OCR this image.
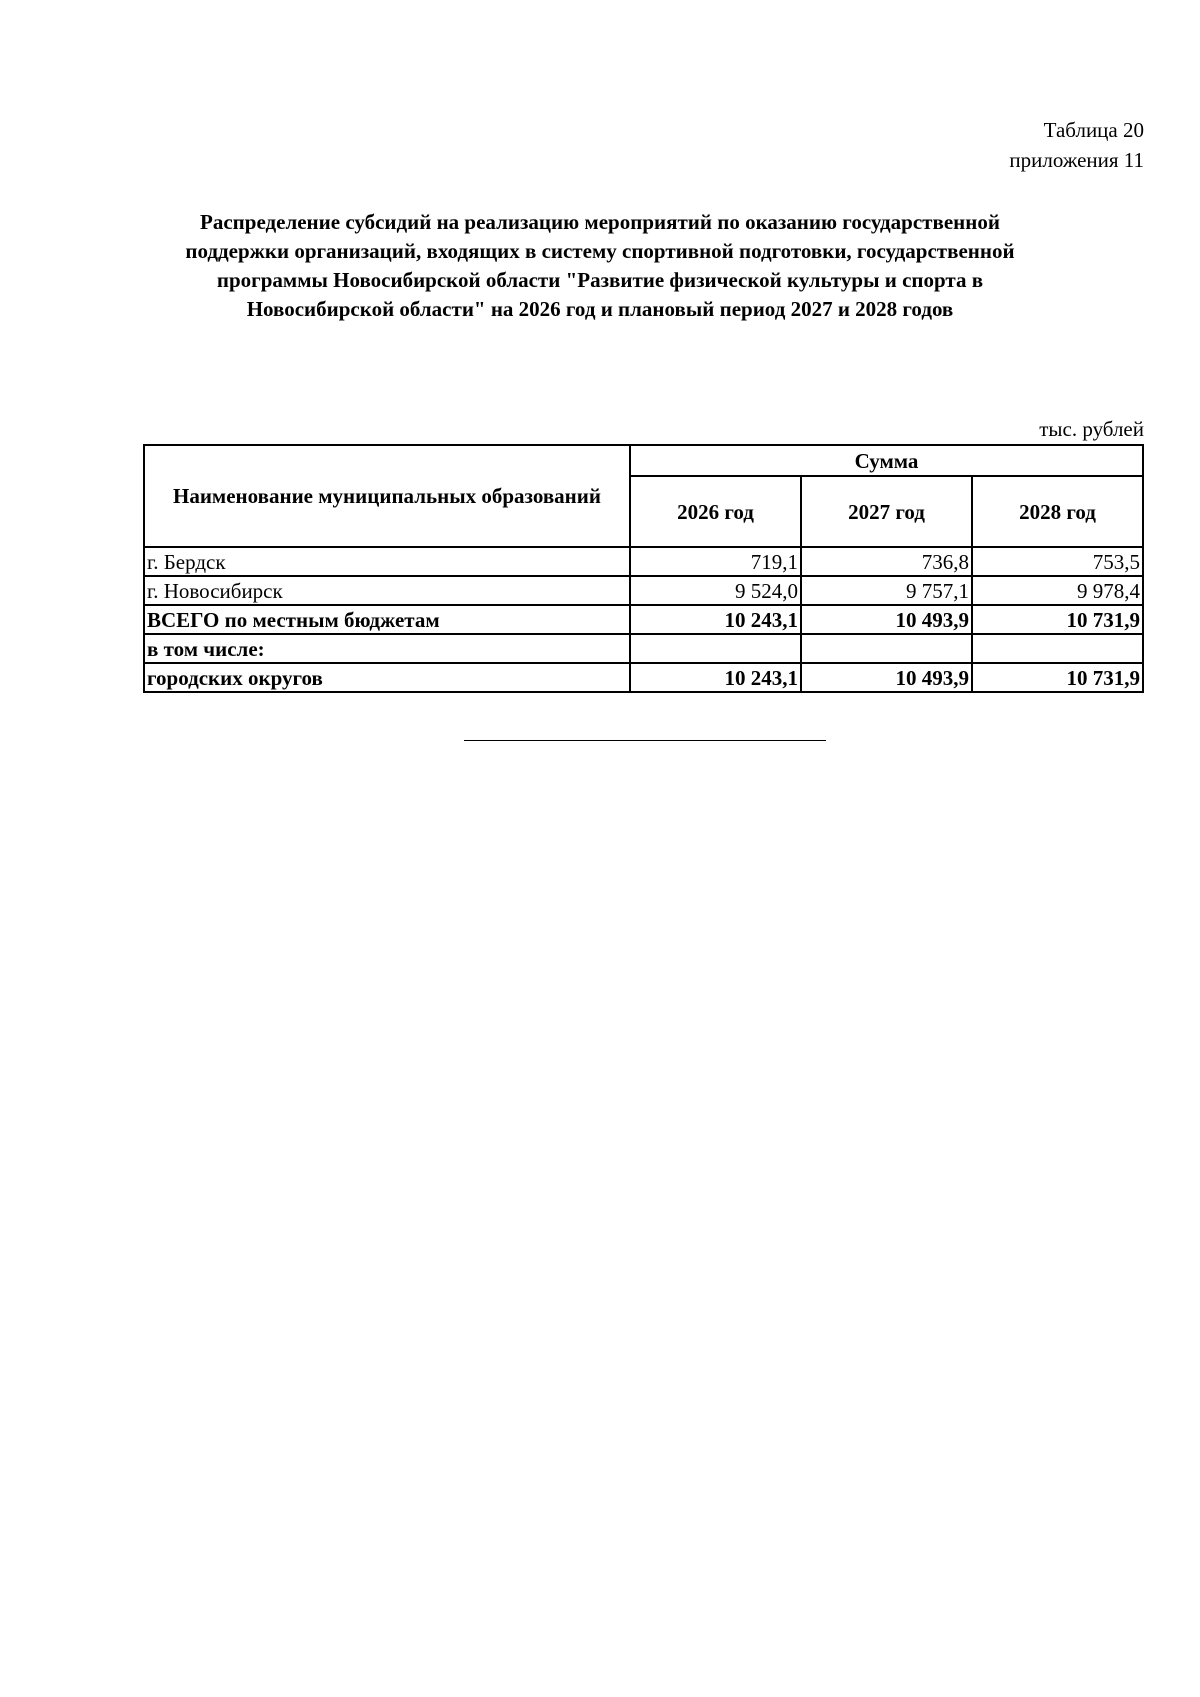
Таблица 20
приложения 11
Распределение субсидий на реализацию мероприятий по оказанию государственной
поддержки организаций, входящих в систему спортивной подготовки, государственной
программы Новосибирской области "Развитие физической культуры и спорта в
Новосибирской области" на 2026 год и плановый период 2027 и 2028 годов
тыс. рублей
Наименование муниципальных образований	Сумма		
	2026 год	2027 год	2028 год
г. Бердск	719,1	736,8	753,5
г. Новосибирск	9 524,0	9 757,1	9 978,4
ВСЕГО по местным бюджетам	10 243,1	10 493,9	10 731,9
в том числе:			
городских округов	10 243,1	10 493,9	10 731,9
